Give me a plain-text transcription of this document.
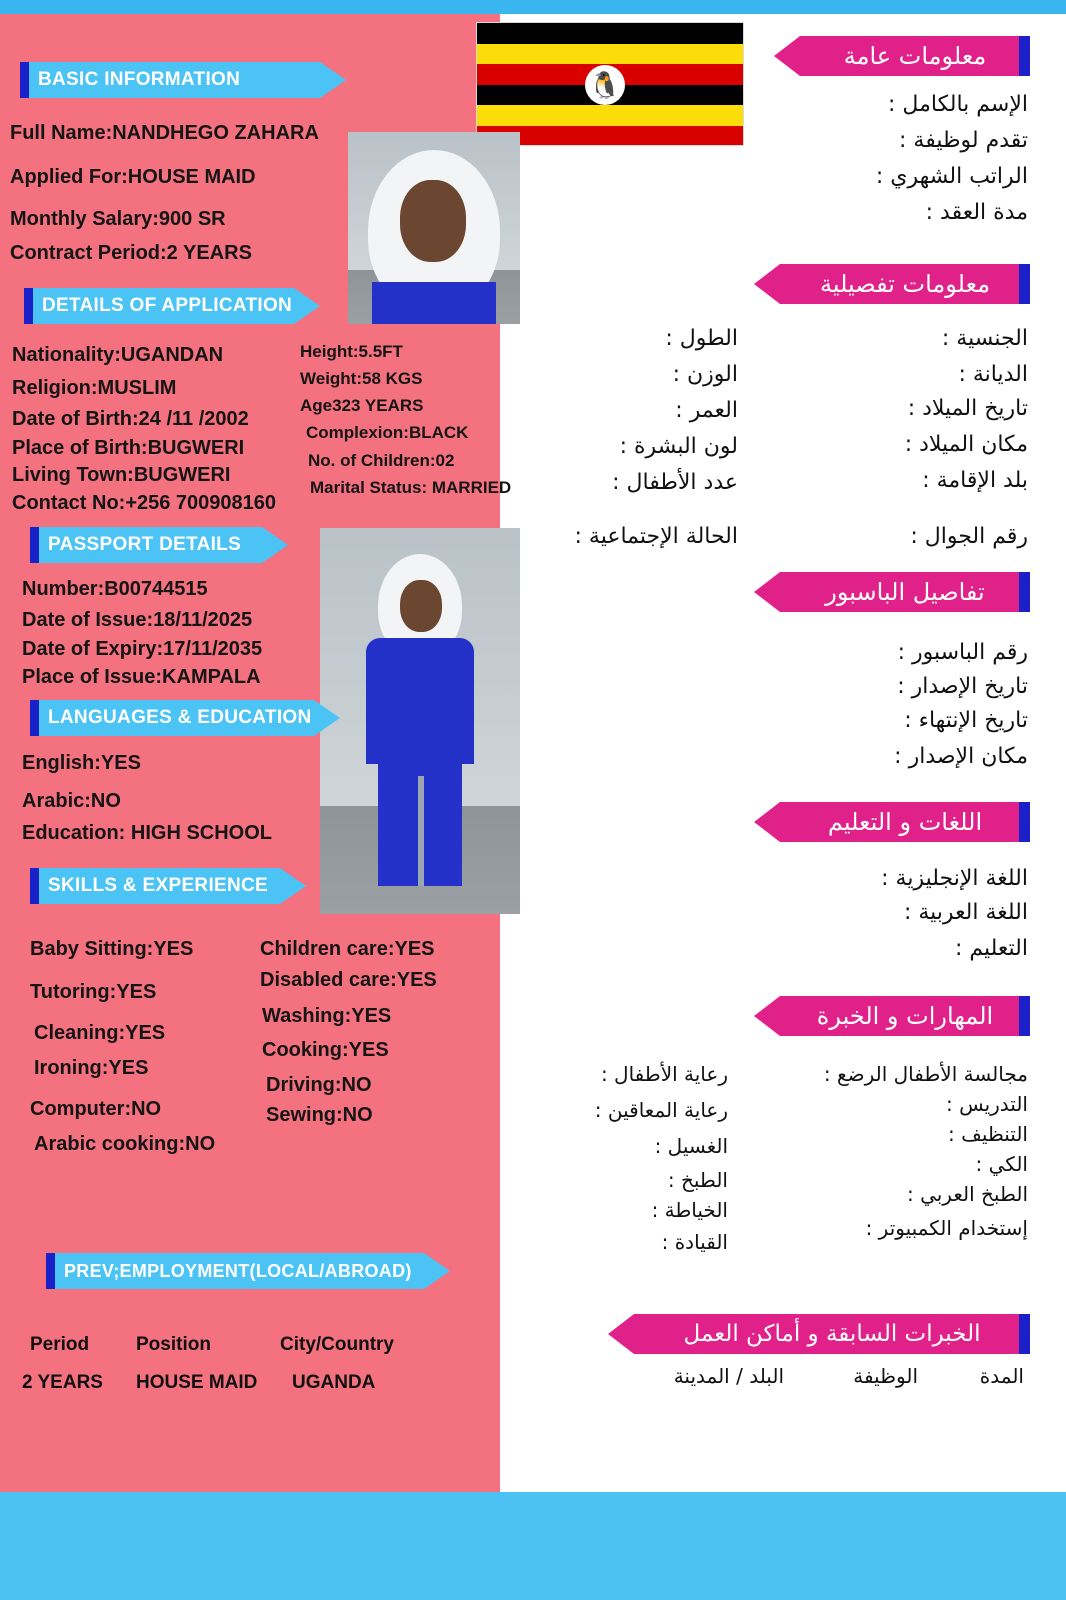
🐧
BASIC INFORMATION
Full Name:NANDHEGO ZAHARA
Applied For:HOUSE MAID
Monthly Salary:900 SR
Contract Period:2 YEARS
DETAILS OF APPLICATION
Nationality:UGANDAN
Religion:MUSLIM
Date of Birth:24 /11 /2002
Place of Birth:BUGWERI
Living Town:BUGWERI
Contact No:+256 700908160
Height:5.5FT
Weight:58 KGS
Age323 YEARS
Complexion:BLACK
No. of Children:02
Marital Status: MARRIED
PASSPORT DETAILS
Number:B00744515
Date of Issue:18/11/2025
Date of Expiry:17/11/2035
Place of Issue:KAMPALA
LANGUAGES & EDUCATION
English:YES
Arabic:NO
Education: HIGH SCHOOL
SKILLS & EXPERIENCE
Baby Sitting:YES
Tutoring:YES
Cleaning:YES
Ironing:YES
Computer:NO
Arabic cooking:NO
Children care:YES
Disabled care:YES
Washing:YES
Cooking:YES
Driving:NO
Sewing:NO
PREV;EMPLOYMENT(LOCAL/ABROAD)
Period Position	City/Country
2 YEARS HOUSE MAID UGANDA
معلومات عامة
الإسم بالكامل :
تقدم لوظيفة :
الراتب الشهري :
مدة العقد :
معلومات تفصيلية
الجنسية :
الديانة :
تاريخ الميلاد :
مكان الميلاد :
بلد الإقامة :
رقم الجوال :
الطول :
الوزن :
العمر :
لون البشرة :
عدد الأطفال :
الحالة الإجتماعية :
تفاصيل الباسبور
رقم الباسبور :
تاريخ الإصدار :
تاريخ الإنتهاء :
مكان الإصدار :
اللغات و التعليم
اللغة الإنجليزية :
اللغة العربية :
التعليم :
المهارات و الخبرة
مجالسة الأطفال الرضع :
التدريس :
التنظيف :
الكي :
الطبخ العربي :
إستخدام الكمبيوتر :
رعاية الأطفال :
رعاية المعاقين :
الغسيل :
الطبخ :
الخياطة :
القيادة :
الخبرات السابقة و أماكن العمل
المدة
الوظيفة
البلد / المدينة
